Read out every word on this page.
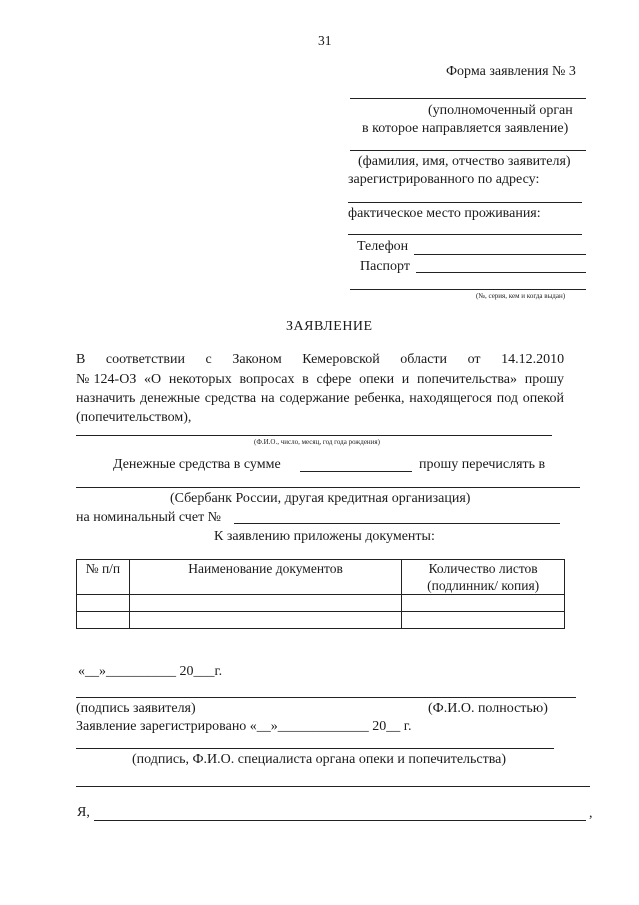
31
Форма заявления № 3
(уполномоченный орган
в которое направляется заявление)
(фамилия, имя, отчество заявителя)
зарегистрированного по адресу:
фактическое место проживания:
Телефон
Паспорт
(№, серия, кем и когда выдан)
ЗАЯВЛЕНИЕ
В соответствии с Законом Кемеровской области от 14.12.2010
№124-ОЗ «О некоторых вопросах в сфере опеки и попечительства» прошу
назначить денежные средства на содержание ребенка, находящегося под опекой
(попечительством),
(Ф.И.О., число, месяц, год года рождения)
Денежные средства в сумме	прошу перечислять в
(Сбербанк России, другая кредитная организация)
на номинальный счет №
К заявлению приложены документы:
№ п/п	Наименование документов	Количество листов
(подлинник/ копия)

«__»__________ 20___г.
(подпись заявителя)	(Ф.И.О. полностью)
Заявление зарегистрировано «__»_____________ 20__ г.
(подпись, Ф.И.О. специалиста органа опеки и попечительства)
Я,	,
